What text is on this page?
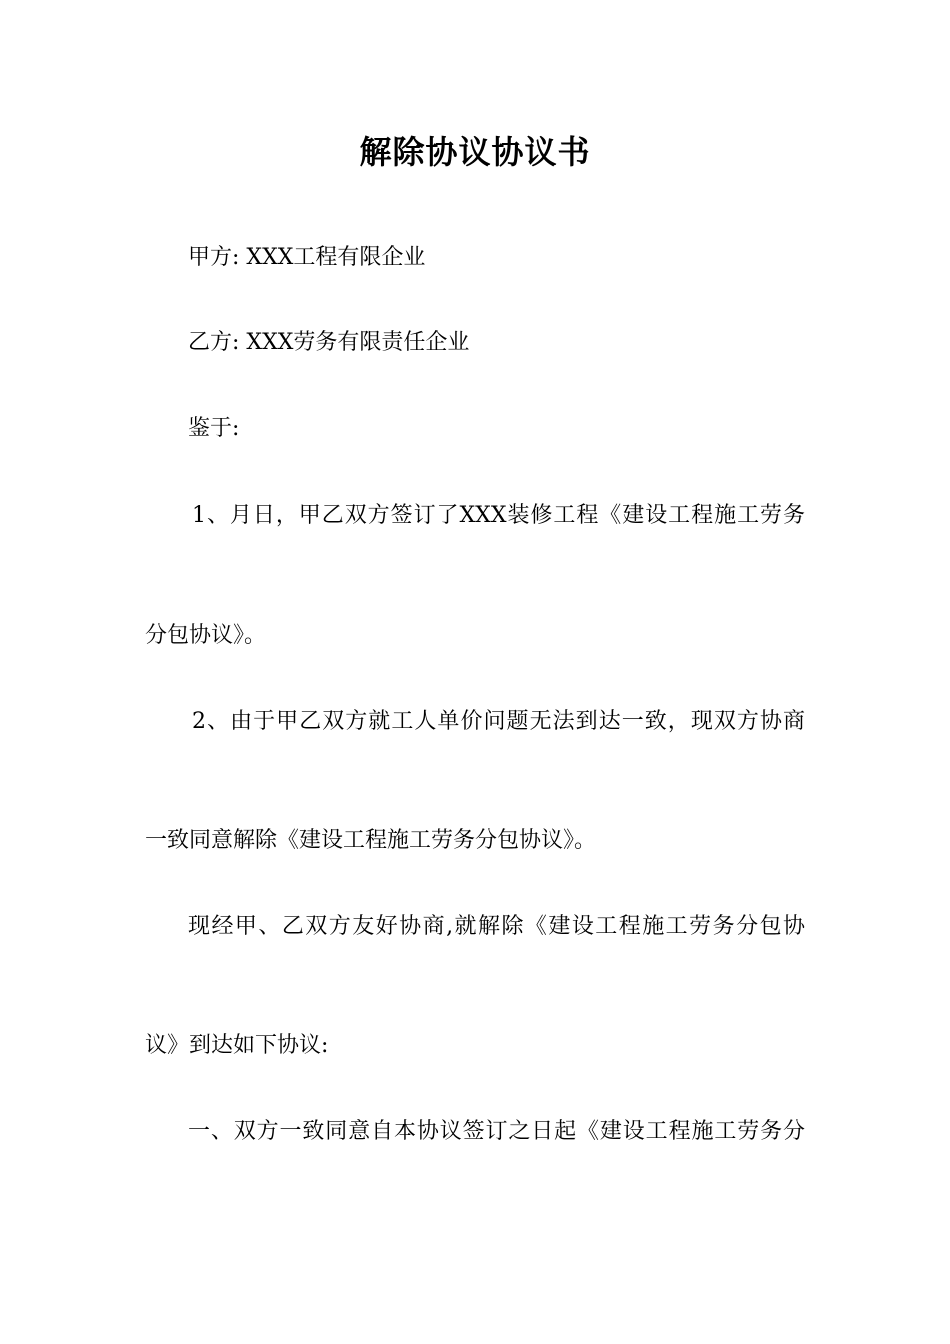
解除协议协议书
甲方: XXX工程有限企业
乙方: XXX劳务有限责任企业
鉴于:
1、月日，甲乙双方签订了XXX装修工程《建设工程施工劳务
分包协议》。
2、由于甲乙双方就工人单价问题无法到达一致，现双方协商
一致同意解除《建设工程施工劳务分包协议》。
现经甲、乙双方友好协商,就解除《建设工程施工劳务分包协
议》到达如下协议:
一、双方一致同意自本协议签订之日起《建设工程施工劳务分
